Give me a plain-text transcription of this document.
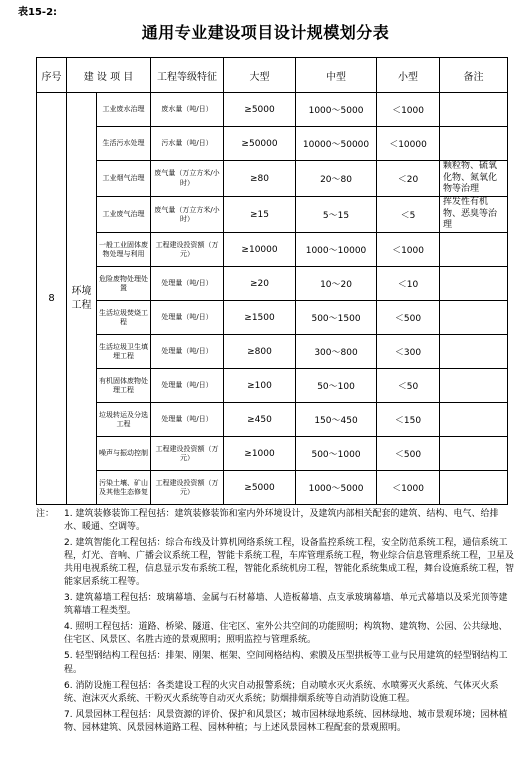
表15-2:
通用专业建设项目设计规模划分表
序号	建 设 项 目		工程等级特征	大型	中型	小型	备注
8	环境工程	工业废水治理	废水量（吨/日）	≥5000	1000～5000	＜1000	
		生活污水处理	污水量（吨/日）	≥50000	10000～50000	＜10000	
		工业烟气治理	废气量（万立方米/小时）	≥80	20～80	＜20	颗粒物、硫氧化物、氮氧化物等治理
		工业废气治理	废气量（万立方米/小时）	≥15	5～15	＜5	挥发性有机物、恶臭等治理
		一般工业固体废物处理与利用	工程建设投资额（万元）	≥10000	1000～10000	＜1000	
		危险废物处理处置	处理量（吨/日）	≥20	10～20	＜10	
		生活垃圾焚烧工程	处理量（吨/日）	≥1500	500～1500	＜500	
		生活垃圾卫生填埋工程	处理量（吨/日）	≥800	300～800	＜300	
		有机固体废物处理工程	处理量（吨/日）	≥100	50～100	＜50	
		垃圾转运及分选工程	处理量（吨/日）	≥450	150～450	＜150	
		噪声与振动控制	工程建设投资额（万元）	≥1000	500～1000	＜500	
		污染土壤、矿山及其他生态修复	工程建设投资额（万元）	≥5000	1000～5000	＜1000	
注： 1. 建筑装修装饰工程包括：建筑装修装饰和室内外环境设计，及建筑内部相关配套的建筑、结构、电气、给排水、暖通、空调等。
2. 建筑智能化工程包括：综合布线及计算机网络系统工程，设备监控系统工程，安全防范系统工程，通信系统工程，灯光、音响、广播会议系统工程，智能卡系统工程，车库管理系统工程，物业综合信息管理系统工程，卫星及共用电视系统工程，信息显示发布系统工程，智能化系统机房工程，智能化系统集成工程，舞台设施系统工程，智能家居系统工程等。
3. 建筑幕墙工程包括：玻璃幕墙、金属与石材幕墙、人造板幕墙、点支承玻璃幕墙、单元式幕墙以及采光顶等建筑幕墙工程类型。
4. 照明工程包括：道路、桥梁、隧道、住宅区、室外公共空间的功能照明；构筑物、建筑物、公园、公共绿地、住宅区、风景区、名胜古迹的景观照明；照明监控与管理系统。
5. 轻型钢结构工程包括：排架、刚架、框架、空间网格结构、索膜及压型拱板等工业与民用建筑的轻型钢结构工程。
6. 消防设施工程包括：各类建设工程的火灾自动报警系统；自动喷水灭火系统、水喷雾灭火系统、气体灭火系统、泡沫灭火系统、干粉灭火系统等自动灭火系统；防烟排烟系统等自动消防设施工程。
7. 风景园林工程包括：风景资源的评价、保护和风景区；城市园林绿地系统、园林绿地、城市景观环境；园林植物、园林建筑、风景园林道路工程、园林种植；与上述风景园林工程配套的景观照明。
